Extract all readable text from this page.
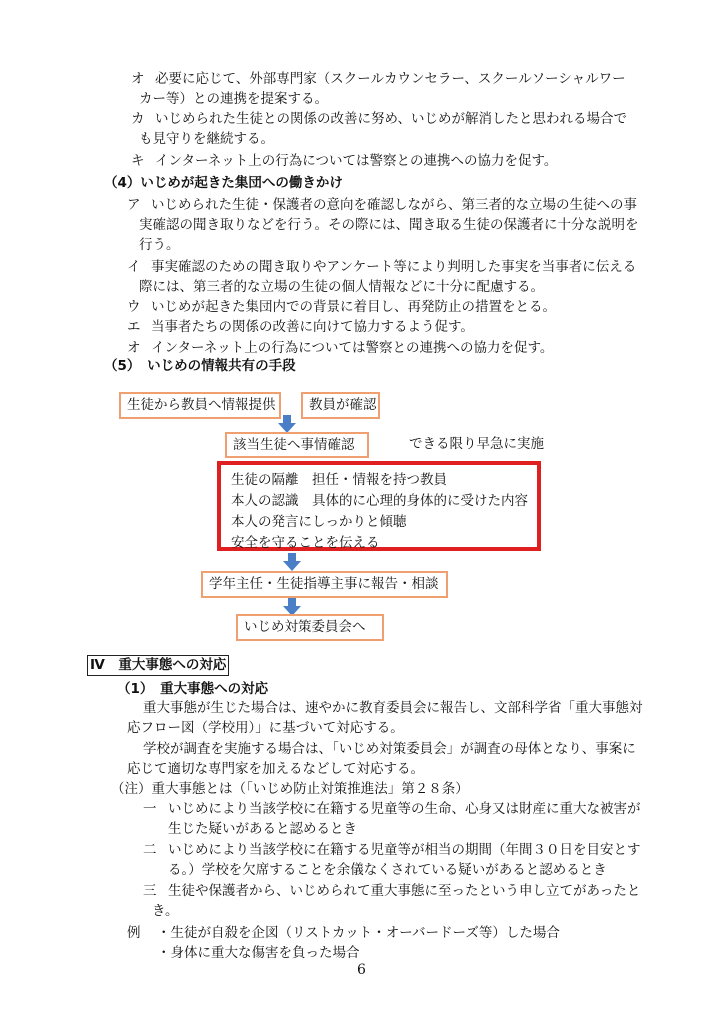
オ 必要に応じて、外部専門家（スクールカウンセラー、スクールソーシャルワー
カー等）との連携を提案する。
カ いじめられた生徒との関係の改善に努め、いじめが解消したと思われる場合で
も見守りを継続する。
キ インターネット上の行為については警察との連携への協力を促す。
（4）いじめが起きた集団への働きかけ
ア いじめられた生徒・保護者の意向を確認しながら、第三者的な立場の生徒への事
実確認の聞き取りなどを行う。その際には、聞き取る生徒の保護者に十分な説明を
行う。
イ 事実確認のための聞き取りやアンケート等により判明した事実を当事者に伝える
際には、第三者的な立場の生徒の個人情報などに十分に配慮する。
ウ いじめが起きた集団内での背景に着目し、再発防止の措置をとる。
エ 当事者たちの関係の改善に向けて協力するよう促す。
オ インターネット上の行為については警察との連携への協力を促す。
（5）　いじめの情報共有の手段
生徒から教員へ情報提供	教員が確認
該当生徒へ事情確認	できる限り早急に実施
生徒の隔離　担任・情報を持つ教員
本人の認識　具体的に心理的身体的に受けた内容
本人の発言にしっかりと傾聴
安全を守ることを伝える
学年主任・生徒指導主事に報告・相談
いじめ対策委員会へ
Ⅳ　重大事態への対応
（1）　重大事態への対応
重大事態が生じた場合は、速やかに教育委員会に報告し、文部科学省「重大事態対
応フロー図（学校用）」に基づいて対応する。
学校が調査を実施する場合は、「いじめ対策委員会」が調査の母体となり、事案に
応じて適切な専門家を加えるなどして対応する。
（注）重大事態とは（「いじめ防止対策推進法」第２８条）
一 いじめにより当該学校に在籍する児童等の生命、心身又は財産に重大な被害が
生じた疑いがあると認めるとき
二 いじめにより当該学校に在籍する児童等が相当の期間（年間３０日を目安とす
る。）学校を欠席することを余儀なくされている疑いがあると認めるとき
三 生徒や保護者から、いじめられて重大事態に至ったという申し立てがあったと
き。
例 ・生徒が自殺を企図（リストカット・オーバードーズ等）した場合
・身体に重大な傷害を負った場合
6
